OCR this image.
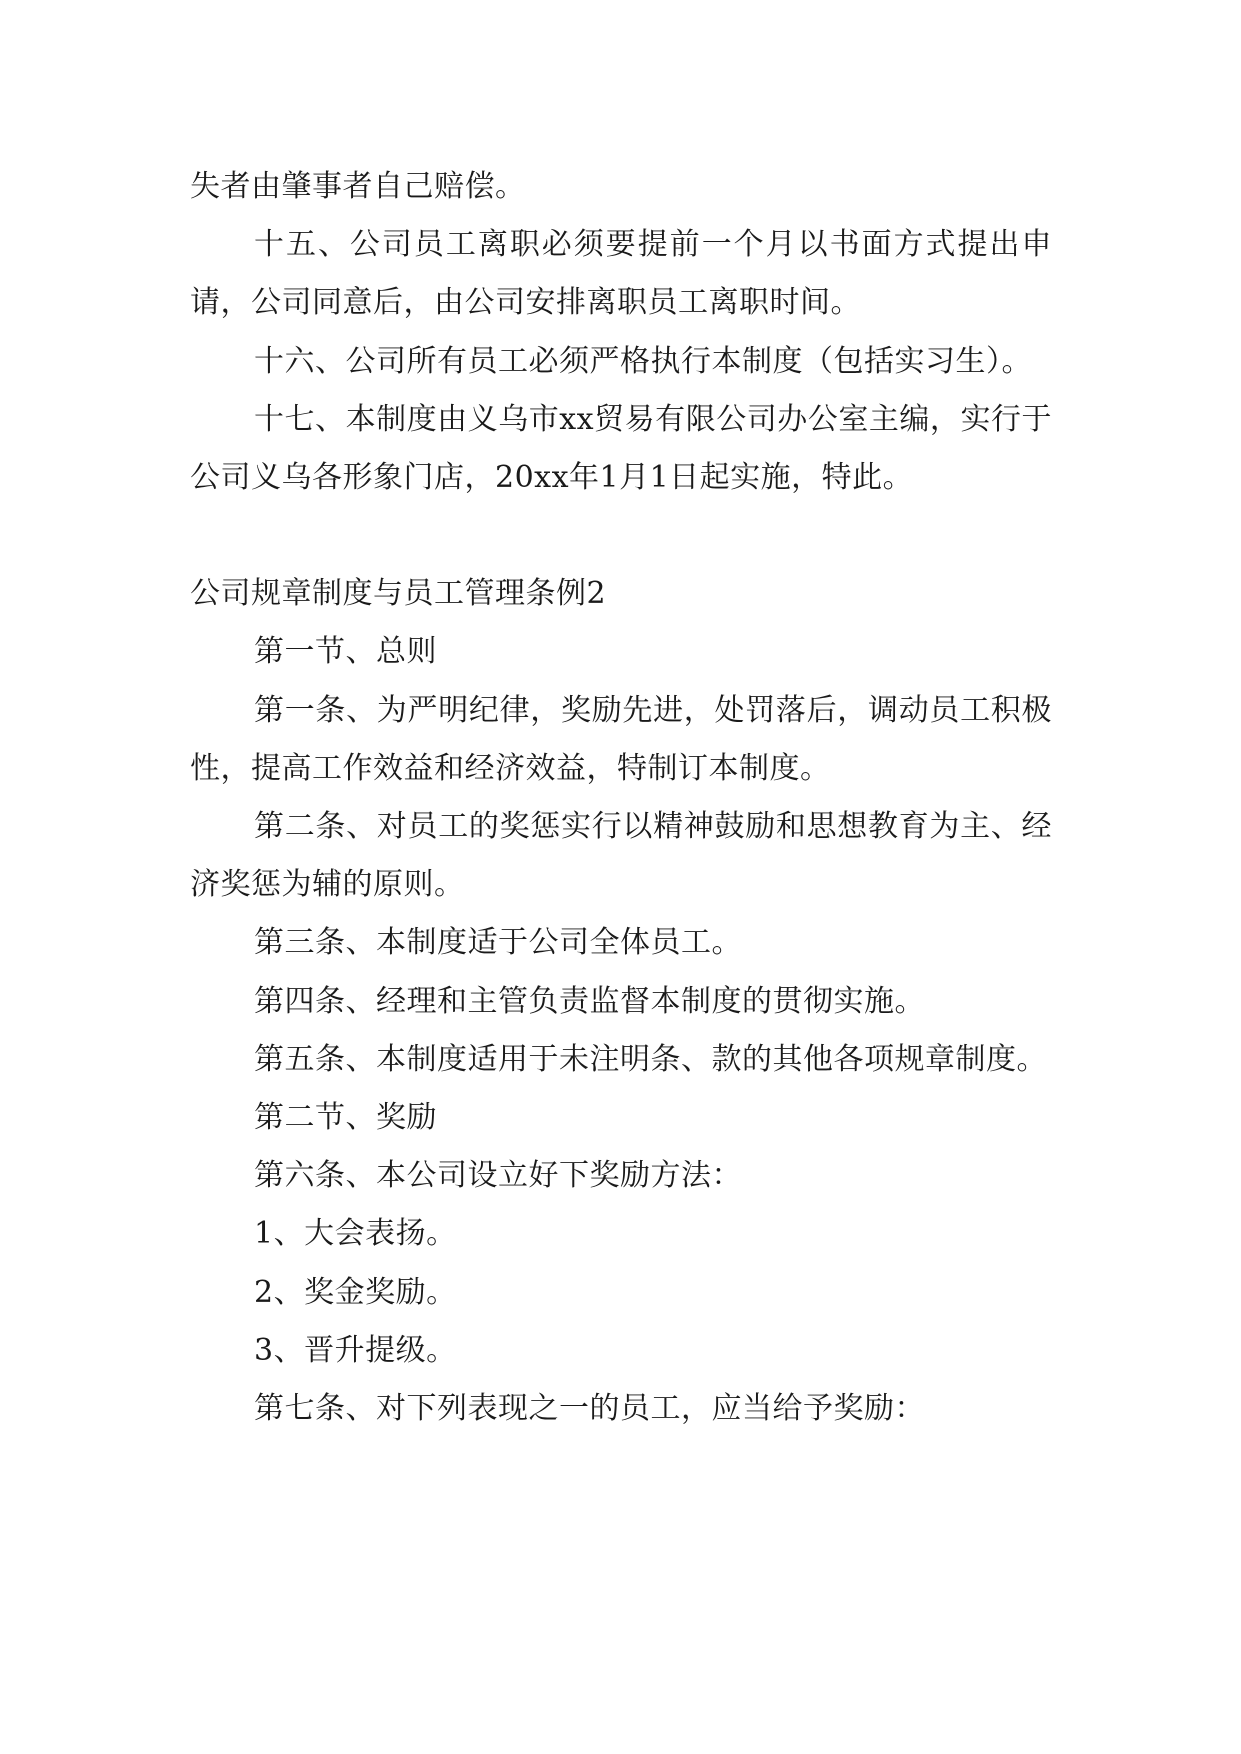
失者由肇事者自己赔偿。

十五、公司员工离职必须要提前一个月以书面方式提出申请，公司同意后，由公司安排离职员工离职时间。

十六、公司所有员工必须严格执行本制度（包括实习生）。

十七、本制度由义乌市xx贸易有限公司办公室主编，实行于公司义乌各形象门店，20xx年1月1日起实施，特此。

公司规章制度与员工管理条例2

第一节、总则

第一条、为严明纪律，奖励先进，处罚落后，调动员工积极性，提高工作效益和经济效益，特制订本制度。

第二条、对员工的奖惩实行以精神鼓励和思想教育为主、经济奖惩为辅的原则。

第三条、本制度适于公司全体员工。

第四条、经理和主管负责监督本制度的贯彻实施。

第五条、本制度适用于未注明条、款的其他各项规章制度。

第二节、奖励

第六条、本公司设立好下奖励方法：

1、大会表扬。

2、奖金奖励。

3、晋升提级。

第七条、对下列表现之一的员工，应当给予奖励：
